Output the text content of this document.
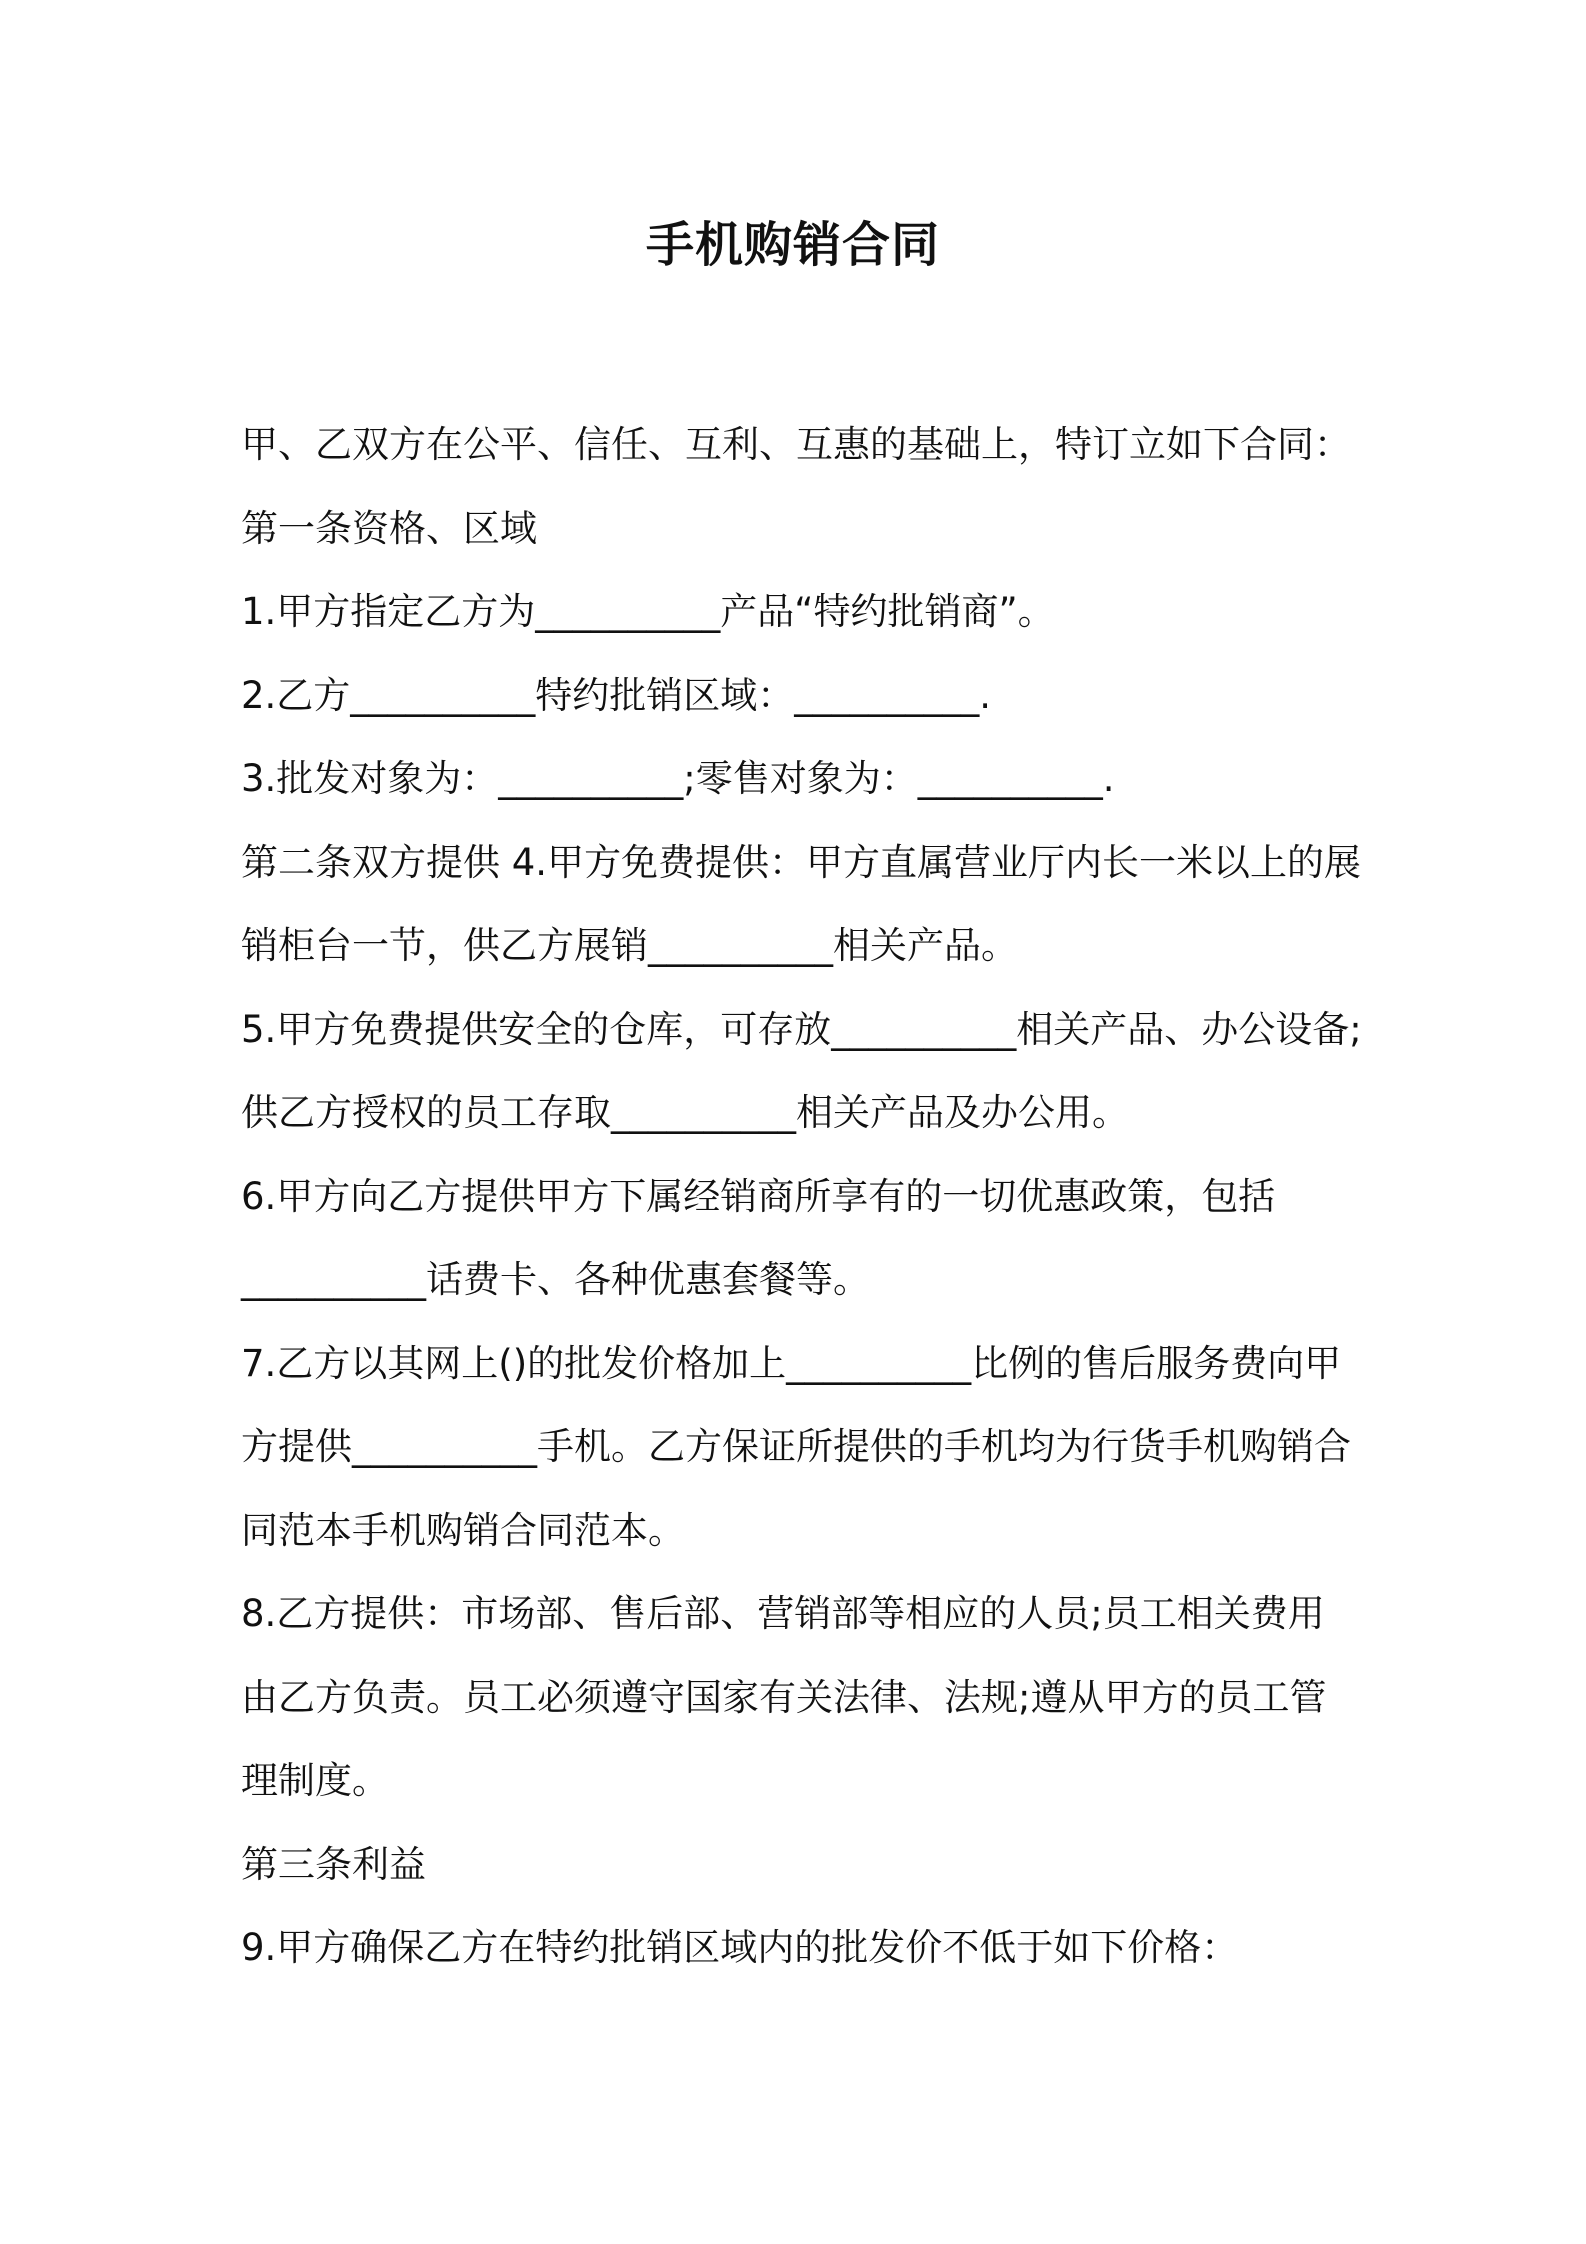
手机购销合同
甲、乙双方在公平、信任、互利、互惠的基础上，特订立如下合同：
第一条资格、区域
1.甲方指定乙方为__________产品“特约批销商”。
2.乙方__________特约批销区域：__________.
3.批发对象为：__________;零售对象为：__________.
第二条双方提供 4.甲方免费提供：甲方直属营业厅内长一米以上的展
销柜台一节，供乙方展销__________相关产品。
5.甲方免费提供安全的仓库，可存放__________相关产品、办公设备;
供乙方授权的员工存取__________相关产品及办公用。
6.甲方向乙方提供甲方下属经销商所享有的一切优惠政策，包括
__________话费卡、各种优惠套餐等。
7.乙方以其网上()的批发价格加上__________比例的售后服务费向甲
方提供__________手机。乙方保证所提供的手机均为行货手机购销合
同范本手机购销合同范本。
8.乙方提供：市场部、售后部、营销部等相应的人员;员工相关费用
由乙方负责。员工必须遵守国家有关法律、法规;遵从甲方的员工管
理制度。
第三条利益
9.甲方确保乙方在特约批销区域内的批发价不低于如下价格：
